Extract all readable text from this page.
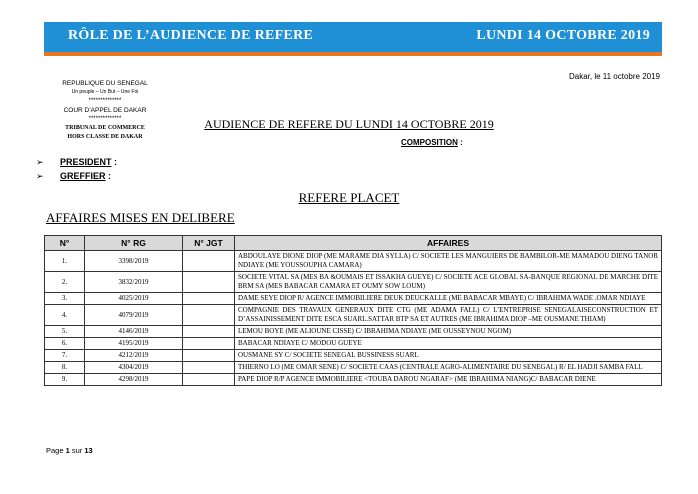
RÔLE DE L’AUDIENCE DE REFERE	LUNDI 14 OCTOBRE 2019
Dakar, le 11 octobre 2019
REPUBLIQUE DU SENEGAL
Un peuple – Un But – Une Foi
**************
COUR D’APPEL DE DAKAR
**************
TRIBUNAL DE COMMERCE
HORS CLASSE DE DAKAR
AUDIENCE DE REFERE DU LUNDI 14 OCTOBRE 2019
COMPOSITION :
➢ PRESIDENT :
➢ GREFFIER :
REFERE PLACET
AFFAIRES MISES EN DELIBERE
N°	N° RG	N° JGT	AFFAIRES
1.	3398/2019		ABDOULAYE DIONE DIOP (ME MARAME DIA SYLLA) C/ SOCIETE LES MANGUIERS DE BAMBILOR-ME MAMADOU DIENG TANOR NDIAYE (ME YOUSSOUPHA CAMARA)
2.	3832/2019		SOCIETE VITAL SA (MES BA &OUMAIS ET ISSAKHA GUEYE) C/ SOCIETE ACE GLOBAL SA-BANQUE REGIONAL DE MARCHE DITE BRM SA (MES BABACAR CAMARA ET OUMY SOW LOUM)
3.	4025/2019		DAME SEYE DIOP R/ AGENCE IMMOBILIERE DEUK DEUCKALLE (ME BABACAR MBAYE) C/ IBRAHIMA WADE .OMAR NDIAYE
4.	4079/2019		COMPAGNIE DES TRAVAUX GENERAUX DITE CTG (ME ADAMA FALL) C/ L’ENTREPRISE SENEGALAISECONSTRUCTION ET D’ASSAINISSEMENT DITE ESCA SUARL.SATTAR BTP SA ET AUTRES (ME IBRAHIMA DIOP –ME OUSMANE THIAM)
5.	4146/2019		LEMOU BOYE (ME ALIOUNE CISSE) C/ IBRAHIMA NDIAYE (ME OUSSEYNOU NGOM)
6.	4195/2019		BABACAR NDIAYE C/ MODOU GUEYE
7.	4212/2019		OUSMANE SY C/ SOCIETE SENEGAL BUSSINESS SUARL
8.	4304/2019		THIERNO LO (ME OMAR SENE) C/ SOCIETE CAAS (CENTRALE AGRO-ALIMENTAIRE DU SENEGAL) R/ EL HADJI SAMBA FALL
9.	4298/2019		PAPE DIOP R/P AGENCE IMMOBILIERE <TOUBA DAROU NGARAF> (ME IBRAHIMA NIANG)C/ BABACAR DIENE
Page 1 sur 13
